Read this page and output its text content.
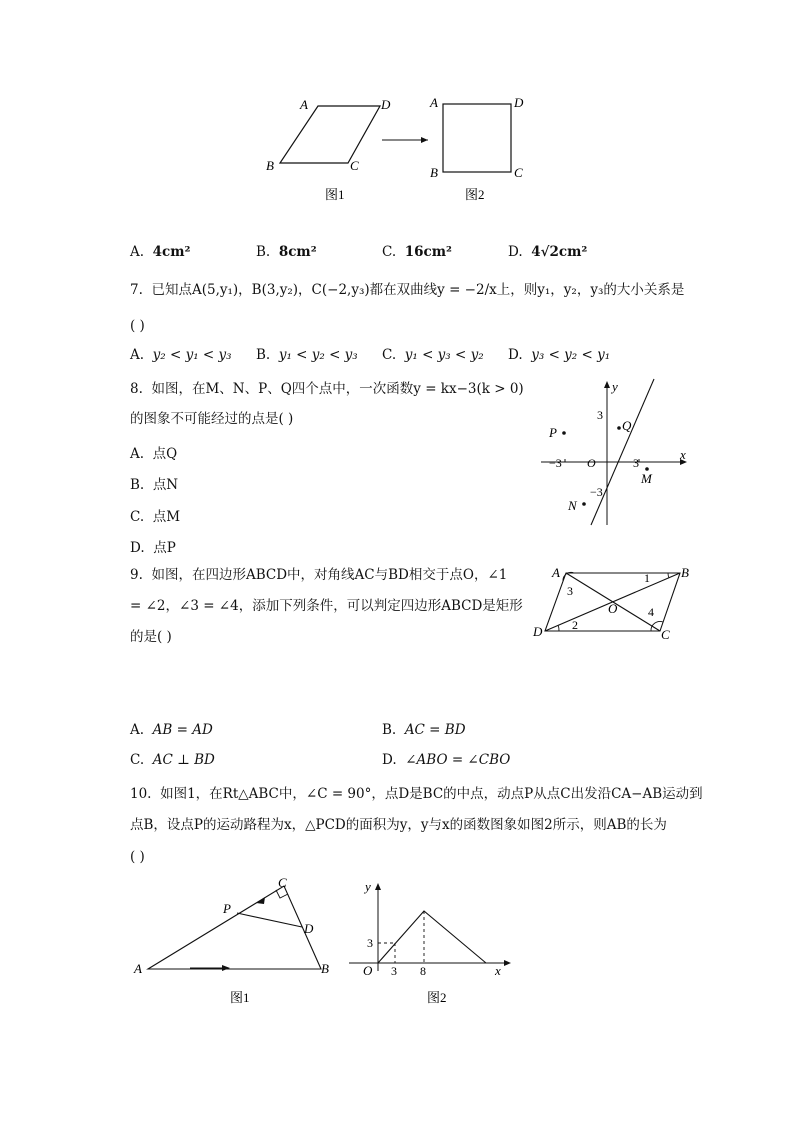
A	D
B	C
A	D
B	C
图1	图2
A. 4cm²	B. 8cm²	C. 16cm²	D. 4√2cm²
7. 已知点A(5,y₁)，B(3,y₂)，C(−2,y₃)都在双曲线y = −2/x上，则y₁，y₂，y₃的大小关系是
( )
A. y₂ < y₁ < y₃ B. y₁ < y₂ < y₃ C. y₁ < y₃ < y₂ D. y₃ < y₂ < y₁
8. 如图，在M、N、P、Q四个点中，一次函数y = kx−3(k > 0)
的图象不可能经过的点是( )
A. 点Q
B. 点N
C. 点M
D. 点P
x
y
O
−3	3
3
−3
P	Q
M
N
9. 如图，在四边形ABCD中，对角线AC与BD相交于点O，∠1
= ∠2，∠3 = ∠4，添加下列条件，可以判定四边形ABCD是矩形
的是( )
A	B
C
D
O
1
2
3
4
A. AB = AD	B. AC = BD
C. AC ⊥ BD	D. ∠ABO = ∠CBO
10. 如图1，在Rt△ABC中，∠C = 90°，点D是BC的中点，动点P从点C出发沿CA−AB运动到
点B，设点P的运动路程为x，△PCD的面积为y，y与x的函数图象如图2所示，则AB的长为
( )
A	B
C
D
P
图1
x
y
O 3 8
3
图2
